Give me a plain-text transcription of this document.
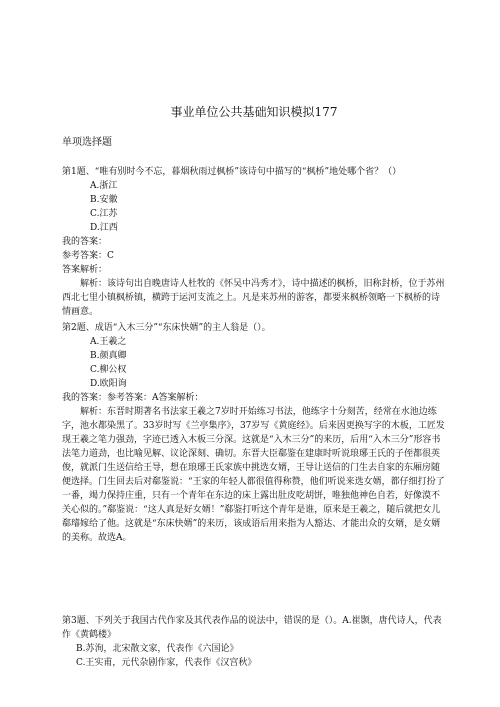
事业单位公共基础知识模拟177
单项选择题

第1题、“唯有别时今不忘，暮烟秋雨过枫桥”该诗句中描写的“枫桥”地处哪个省？（）

A.浙江

B.安徽

C.江苏

D.江西

我的答案：

参考答案：C

答案解析：

解析：该诗句出自晚唐诗人杜牧的《怀吴中冯秀才》，诗中描述的枫桥，旧称封桥，位于苏州西北七里小镇枫桥镇，横跨于运河支流之上。凡是来苏州的游客，都要来枫桥领略一下枫桥的诗情画意。

第2题、成语“入木三分”“东床快婿”的主人翁是（）。

A.王羲之

B.颜真卿

C.柳公权

D.欧阳询

我的答案：参考答案：A答案解析：

解析：东晋时期著名书法家王羲之7岁时开始练习书法，他练字十分刻苦，经常在水池边练字，池水都染黑了。33岁时写《兰亭集序》，37岁写《黄庭经》。后来因更换写字的木板，工匠发现王羲之笔力强劲，字迹已透入木板三分深。这就是“入木三分”的来历，后用“入木三分”形容书法笔力道劲，也比喻见解、议论深刻、确切。东晋大臣郗鉴在建康时听说琅琊王氏的子侄都很英俊，就派门生送信给王导，想在琅琊王氏家族中挑选女婿，王导让送信的门生去自家的东厢房随便选择。门生回去后对郗鉴说：“王家的年轻人都很值得称赞，他们听说来选女婿，都仔细打扮了一番，竭力保持庄重，只有一个青年在东边的床上露出肚皮吃胡饼，唯独他神色自若，好像漠不关心似的。”郗鉴说：“这人真是好女婿！”郗鉴打听这个青年是谁，原来是王羲之，随后就把女儿郗璿嫁给了他。这就是“东床快婿”的来历，该成语后用来指为人豁达、才能出众的女婿，是女婿的美称。故选A。

第3题、下列关于我国古代作家及其代表作品的说法中，错误的是（）。A.崔颢，唐代诗人，代表作《黄鹤楼》

B.苏洵，北宋散文家，代表作《六国论》

C.王实甫，元代杂剧作家，代表作《汉宫秋》
